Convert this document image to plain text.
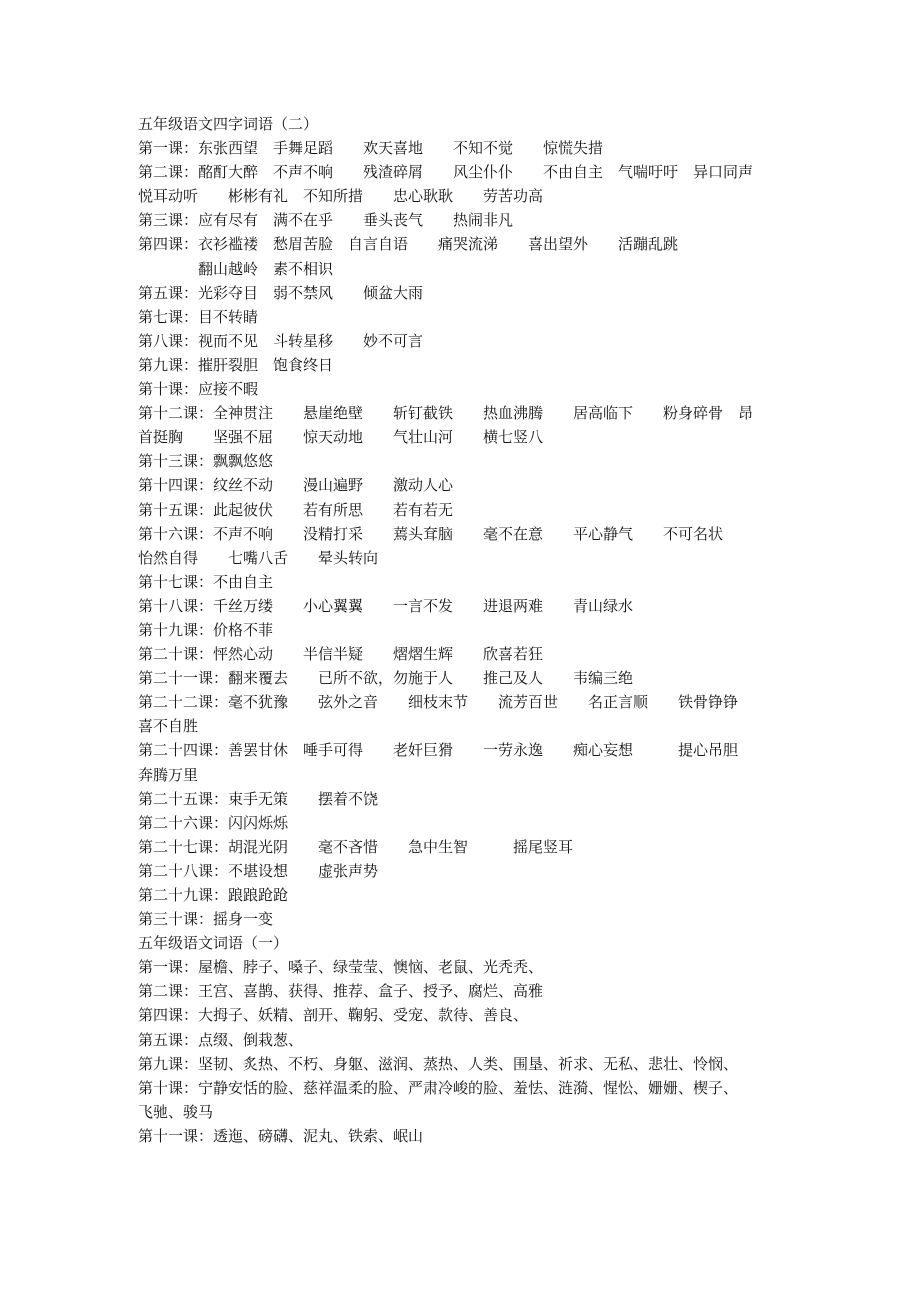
五年级语文四字词语（二）
第一课：东张西望　手舞足蹈　　欢天喜地　　不知不觉　　惊慌失措
第二课：酩酊大醉　不声不响　　残渣碎屑　　风尘仆仆　　不由自主　气喘吁吁　异口同声
悦耳动听　　彬彬有礼　不知所措　　忠心耿耿　　劳苦功高
第三课：应有尽有　满不在乎　　垂头丧气　　热闹非凡
第四课：衣衫褴褛　愁眉苦脸　自言自语　　痛哭流涕　　喜出望外　　活蹦乱跳
　　　　翻山越岭　素不相识
第五课：光彩夺目　弱不禁风　　倾盆大雨
第七课：目不转睛
第八课：视而不见　斗转星移　　妙不可言
第九课：摧肝裂胆　饱食终日
第十课：应接不暇
第十二课：全神贯注　　悬崖绝壁　　斩钉截铁　　热血沸腾　　居高临下　　粉身碎骨　昂
首挺胸　　坚强不屈　　惊天动地　　气壮山河　　横七竖八
第十三课：飘飘悠悠
第十四课：纹丝不动　　漫山遍野　　激动人心
第十五课：此起彼伏　　若有所思　　若有若无
第十六课：不声不响　　没精打采　　蔫头耷脑　　毫不在意　　平心静气　　不可名状
怡然自得　　七嘴八舌　　晕头转向
第十七课：不由自主
第十八课：千丝万缕　　小心翼翼　　一言不发　　进退两难　　青山绿水
第十九课：价格不菲
第二十课：怦然心动　　半信半疑　　熠熠生辉　　欣喜若狂
第二十一课：翻来覆去　　已所不欲，勿施于人　　推己及人　　韦编三绝
第二十二课：毫不犹豫　　弦外之音　　细枝末节　　流芳百世　　名正言顺　　铁骨铮铮
喜不自胜
第二十四课：善罢甘休　唾手可得　　老奸巨猾　　一劳永逸　　痴心妄想　　　提心吊胆
奔腾万里
第二十五课：束手无策　　摆着不饶
第二十六课：闪闪烁烁
第二十七课：胡混光阴　　毫不吝惜　　急中生智　　　摇尾竖耳
第二十八课：不堪设想　　虚张声势
第二十九课：踉踉跄跄
第三十课：摇身一变
五年级语文词语（一）
第一课：屋檐、脖子、嗓子、绿莹莹、懊恼、老鼠、光秃秃、
第二课：王宫、喜鹊、获得、推荐、盒子、授予、腐烂、高雅
第四课：大拇子、妖精、剖开、鞠躬、受宠、款待、善良、
第五课：点缀、倒栽葱、
第九课：坚韧、炙热、不朽、身躯、滋润、蒸热、人类、围垦、祈求、无私、悲壮、怜悯、
第十课：宁静安恬的脸、慈祥温柔的脸、严肃冷峻的脸、羞怯、涟漪、惺忪、姗姗、楔子、
飞驰、骏马
第十一课：透迤、磅礴、泥丸、铁索、岷山
